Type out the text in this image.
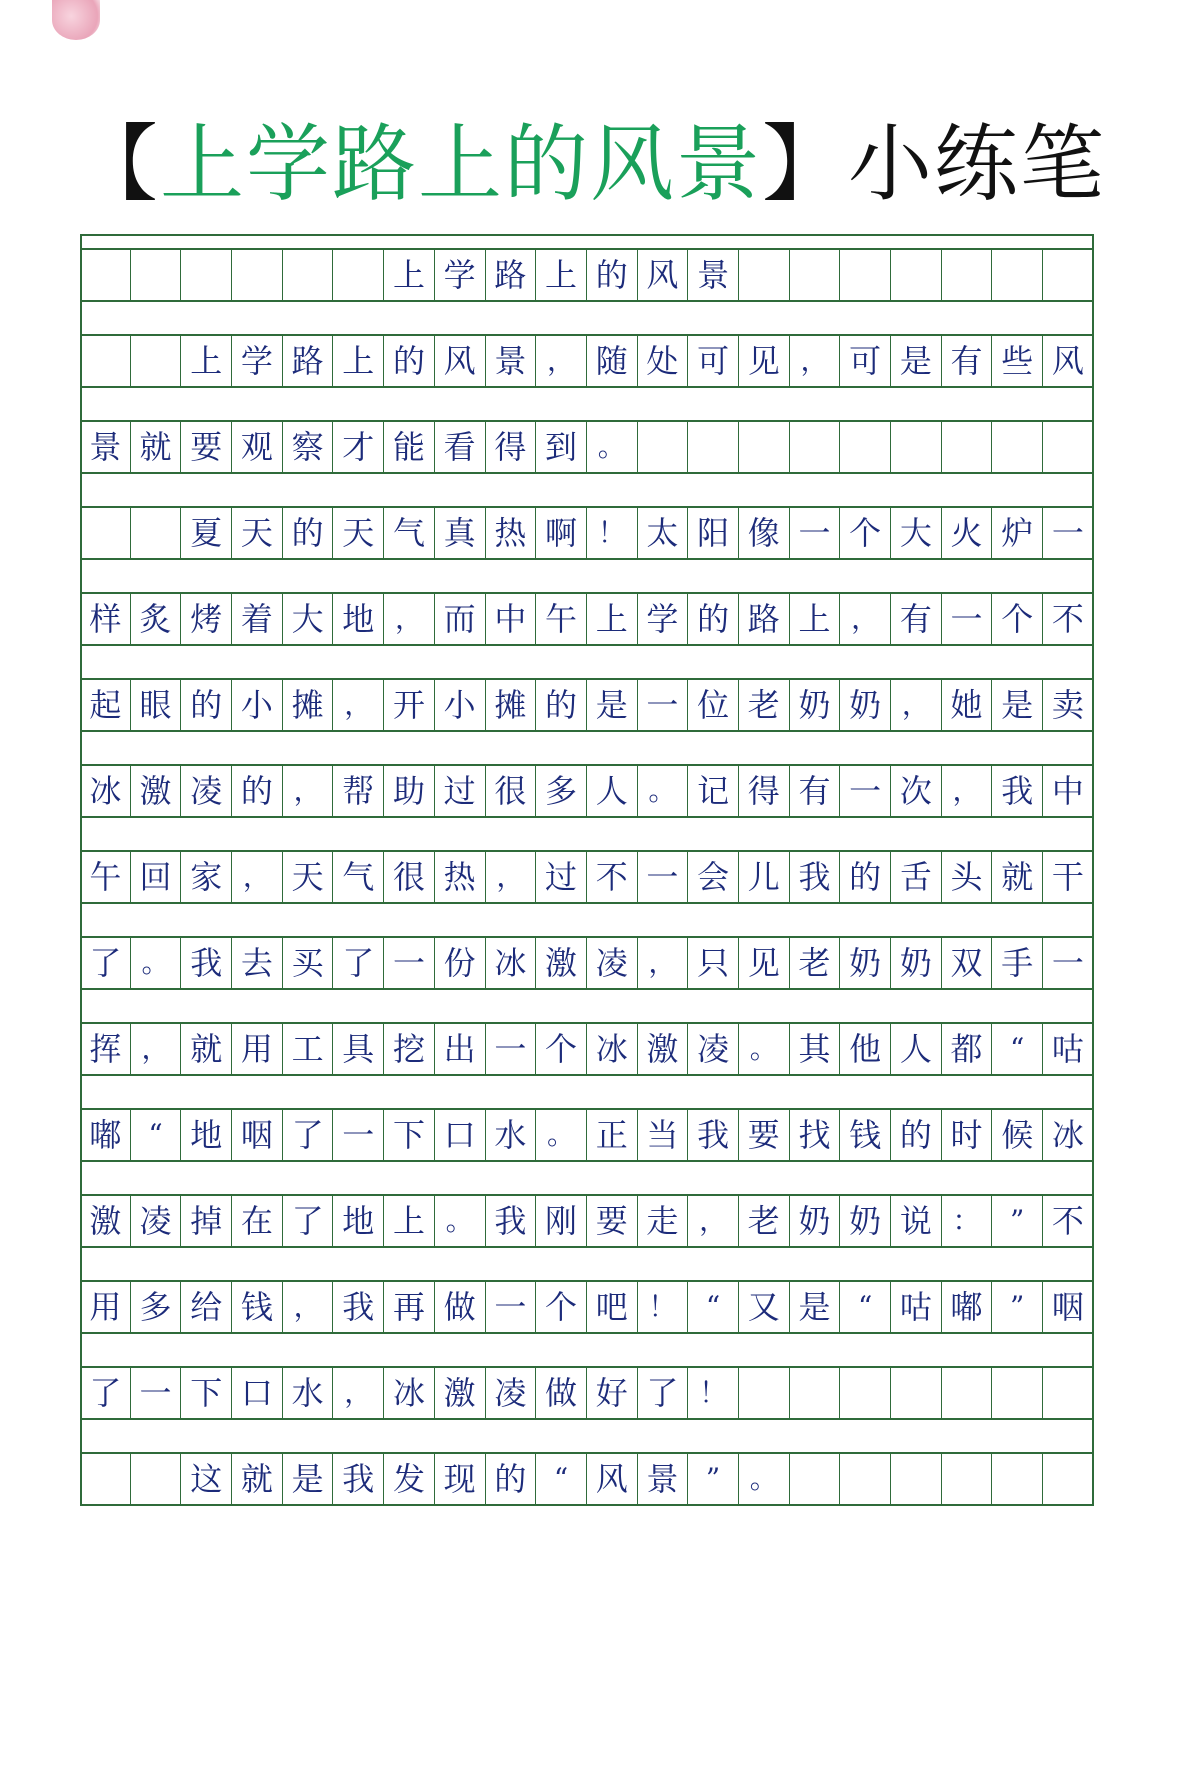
【上学路上的风景】小练笔
上 学 路 上 的 风 景
上 学 路 上 的 风 景 ， 随 处 可 见 ， 可 是 有 些 风
景 就 要 观 察 才 能 看 得 到 。
夏 天 的 天 气 真 热 啊 ！ 太 阳 像 一 个 大 火 炉 一
样 炙 烤 着 大 地 ， 而 中 午 上 学 的 路 上 ， 有 一 个 不
起 眼 的 小 摊 ， 开 小 摊 的 是 一 位 老 奶 奶 ， 她 是 卖
冰 激 凌 的 ， 帮 助 过 很 多 人 。 记 得 有 一 次 ， 我 中
午 回 家 ， 天 气 很 热 ， 过 不 一 会 儿 我 的 舌 头 就 干
了 。 我 去 买 了 一 份 冰 激 凌 ， 只 见 老 奶 奶 双 手 一
挥 ， 就 用 工 具 挖 出 一 个 冰 激 凌 。 其 他 人 都 “ 咕
嘟 “ 地 咽 了 一 下 口 水 。 正 当 我 要 找 钱 的 时 候 冰
激 凌 掉 在 了 地 上 。 我 刚 要 走 ， 老 奶 奶 说 ：	” 不
用 多 给 钱 ， 我 再 做 一 个 吧 ！	“ 又 是 “ 咕 嘟 ” 咽
了 一 下 口 水 ， 冰 激 凌 做 好 了 ！
这 就 是 我 发 现 的 “ 风 景 ”	。
